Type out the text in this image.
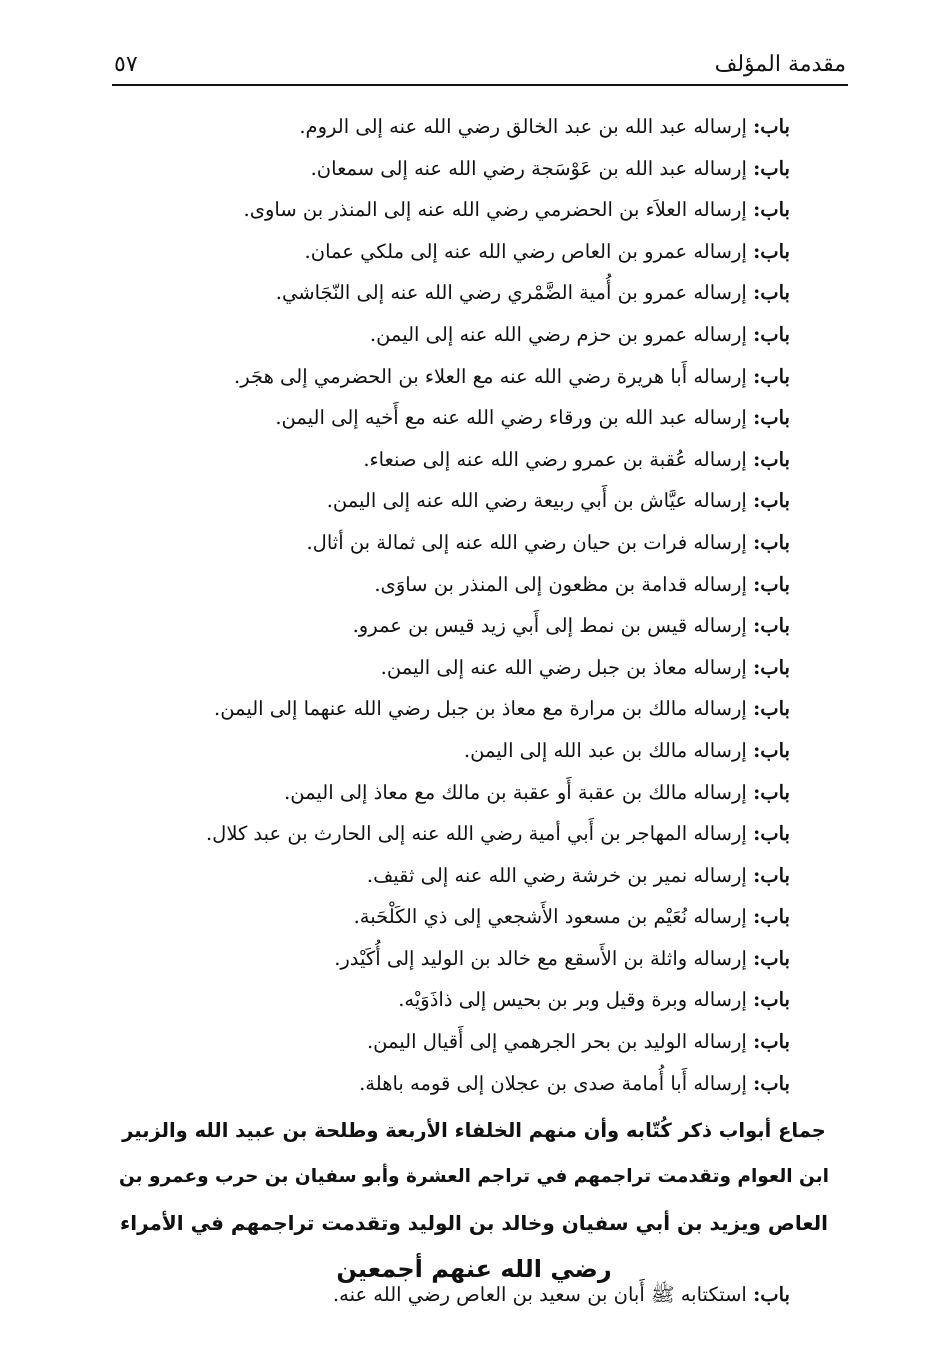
مقدمة المؤلف
٥٧
باب: إرساله عبد الله بن عبد الخالق رضي الله عنه إلى الروم.
باب: إرساله عبد الله بن عَوْسَجة رضي الله عنه إلى سمعان.
باب: إرساله العلاَء بن الحضرمي رضي الله عنه إلى المنذر بن ساوى.
باب: إرساله عمرو بن العاص رضي الله عنه إلى ملكي عمان.
باب: إرساله عمرو بن أُمية الضَّمْري رضي الله عنه إلى النّجَاشي.
باب: إرساله عمرو بن حزم رضي الله عنه إلى اليمن.
باب: إرساله أَبا هريرة رضي الله عنه مع العلاء بن الحضرمي إلى هجَر.
باب: إرساله عبد الله بن ورقاء رضي الله عنه مع أَخيه إلى اليمن.
باب: إرساله عُقبة بن عمرو رضي الله عنه إلى صنعاء.
باب: إرساله عيَّاش بن أَبي ربيعة رضي الله عنه إلى اليمن.
باب: إرساله فرات بن حيان رضي الله عنه إلى ثمالة بن أثال.
باب: إرساله قدامة بن مظعون إلى المنذر بن ساوَى.
باب: إرساله قيس بن نمط إلى أَبي زيد قيس بن عمرو.
باب: إرساله معاذ بن جبل رضي الله عنه إلى اليمن.
باب: إرساله مالك بن مرارة مع معاذ بن جبل رضي الله عنهما إلى اليمن.
باب: إرساله مالك بن عبد الله إلى اليمن.
باب: إرساله مالك بن عقبة أَو عقبة بن مالك مع معاذ إلى اليمن.
باب: إرساله المهاجر بن أَبي أمية رضي الله عنه إلى الحارث بن عبد كلال.
باب: إرساله نمير بن خرشة رضي الله عنه إلى ثقيف.
باب: إرساله نُعَيْم بن مسعود الأَشجعي إلى ذي الكَلْحَبة.
باب: إرساله واثلة بن الأَسقع مع خالد بن الوليد إلى أُكَيْدر.
باب: إرساله وبرة وقيل وبر بن بحيس إلى ذاذَوَيْه.
باب: إرساله الوليد بن بحر الجرهمي إلى أَقيال اليمن.
باب: إرساله أَبا أُمامة صدى بن عجلان إلى قومه باهلة.
جماع أبواب ذكر كُتّابه وأن منهم الخلفاء الأربعة وطلحة بن عبيد الله والزبير
ابن العوام وتقدمت تراجمهم في تراجم العشرة وأبو سفيان بن حرب وعمرو بن
العاص ويزيد بن أبي سفيان وخالد بن الوليد وتقدمت تراجمهم في الأمراء
رضي الله عنهم أجمعين
باب: استكتابه ﷺ أَبان بن سعيد بن العاص رضي الله عنه.
